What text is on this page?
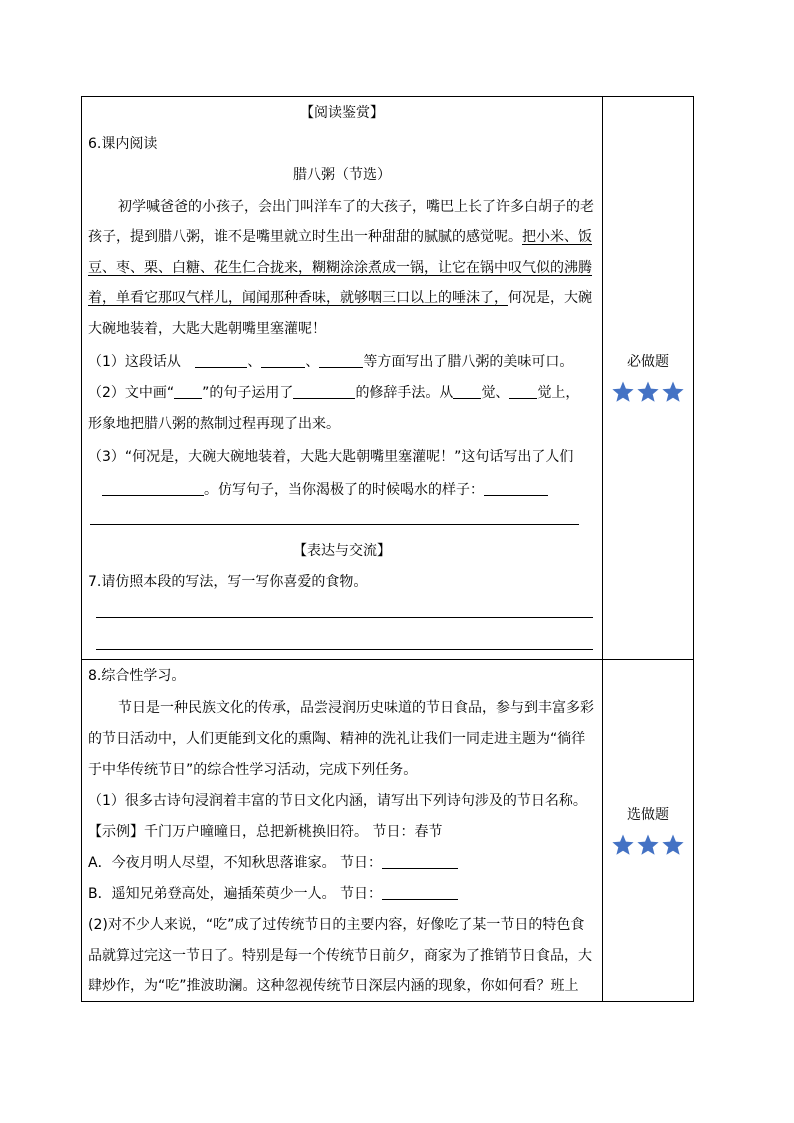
【阅读鉴赏】
6.课内阅读
腊八粥（节选）
初学喊爸爸的小孩子，会出门叫洋车了的大孩子，嘴巴上长了许多白胡子的老
孩子，提到腊八粥，谁不是嘴里就立时生出一种甜甜的腻腻的感觉呢。把小米、饭
豆、枣、栗、白糖、花生仁合拢来，糊糊涂涂煮成一锅，让它在锅中叹气似的沸腾
着，单看它那叹气样儿，闻闻那种香味，就够咽三口以上的唾沫了，何况是，大碗
大碗地装着，大匙大匙朝嘴里塞灌呢！
（1）这段话从	、	、	等方面写出了腊八粥的美味可口。
（2）文中画“ ”的句子运用了	的修辞手法。从 觉、 觉上，
形象地把腊八粥的熬制过程再现了出来。
（3）“何况是，大碗大碗地装着，大匙大匙朝嘴里塞灌呢！”这句话写出了人们
。仿写句子，当你渴极了的时候喝水的样子：
【表达与交流】
7.请仿照本段的写法，写一写你喜爱的食物。
必做题
8.综合性学习。
节日是一种民族文化的传承，品尝浸润历史味道的节日食品，参与到丰富多彩
的节日活动中，人们更能到文化的熏陶、精神的洗礼让我们一同走进主题为“徜徉
于中华传统节日”的综合性学习活动，完成下列任务。
（1）很多古诗句浸润着丰富的节日文化内涵，请写出下列诗句涉及的节日名称。
【示例】千门万户曈曈日，总把新桃换旧符。 节日：春节
A．今夜月明人尽望，不知秋思落谁家。 节日：
B．遥知兄弟登高处，遍插茱萸少一人。 节日：
(2)对不少人来说，“吃”成了过传统节日的主要内容，好像吃了某一节日的特色食
品就算过完这一节日了。特别是每一个传统节日前夕，商家为了推销节日食品，大
肆炒作，为“吃”推波助澜。这种忽视传统节日深层内涵的现象，你如何看？班上
选做题
